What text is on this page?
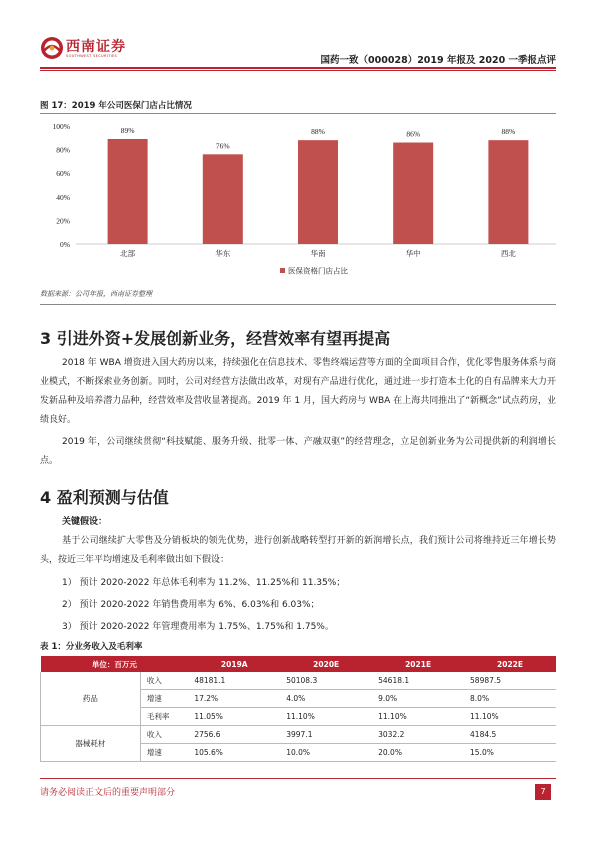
西南证券
SOUTHWEST SECURITIES	国药一致（000028）2019 年报及 2020 一季报点评
图 17：2019 年公司医保门店占比情况
0%
20%
40%
60%
80%
100%	89%
北部
76%
华东
88%
华南
86%
华中
88%
西北
医保资格门店占比
数据来源：公司年报，西南证券整理
3 引进外资+发展创新业务，经营效率有望再提高
2018 年 WBA 增资进入国大药房以来，持续强化在信息技术、零售终端运营等方面的全面项目合作，优化零售服务体系与商业模式，不断探索业务创新。同时，公司对经营方法做出改革，对现有产品进行优化，通过进一步打造本土化的自有品牌来大力开发新品种及培养潜力品种，经营效率及营收显著提高。2019 年 1 月，国大药房与 WBA 在上海共同推出了“新概念”试点药房，业绩良好。
2019 年，公司继续贯彻“科技赋能、服务升级、批零一体、产融双驱”的经营理念，立足创新业务为公司提供新的利润增长点。
4 盈利预测与估值
关键假设：
基于公司继续扩大零售及分销板块的领先优势，进行创新战略转型打开新的新润增长点，我们预计公司将维持近三年增长势头，按近三年平均增速及毛利率做出如下假设：
1） 预计 2020-2022 年总体毛利率为 11.2%、11.25%和 11.35%；
2） 预计 2020-2022 年销售费用率为 6%、6.03%和 6.03%；
3） 预计 2020-2022 年管理费用率为 1.75%、1.75%和 1.75%。
表 1：分业务收入及毛利率
单位：百万元		2019A	2020E	2021E	2022E
药品	收入	48181.1	50108.3	54618.1	58987.5
	增速	17.2%	4.0%	9.0%	8.0%
	毛利率	11.05%	11.10%	11.10%	11.10%
器械耗材	收入	2756.6	3997.1	3032.2	4184.5
	增速	105.6%	10.0%	20.0%	15.0%
请务必阅读正文后的重要声明部分	7
